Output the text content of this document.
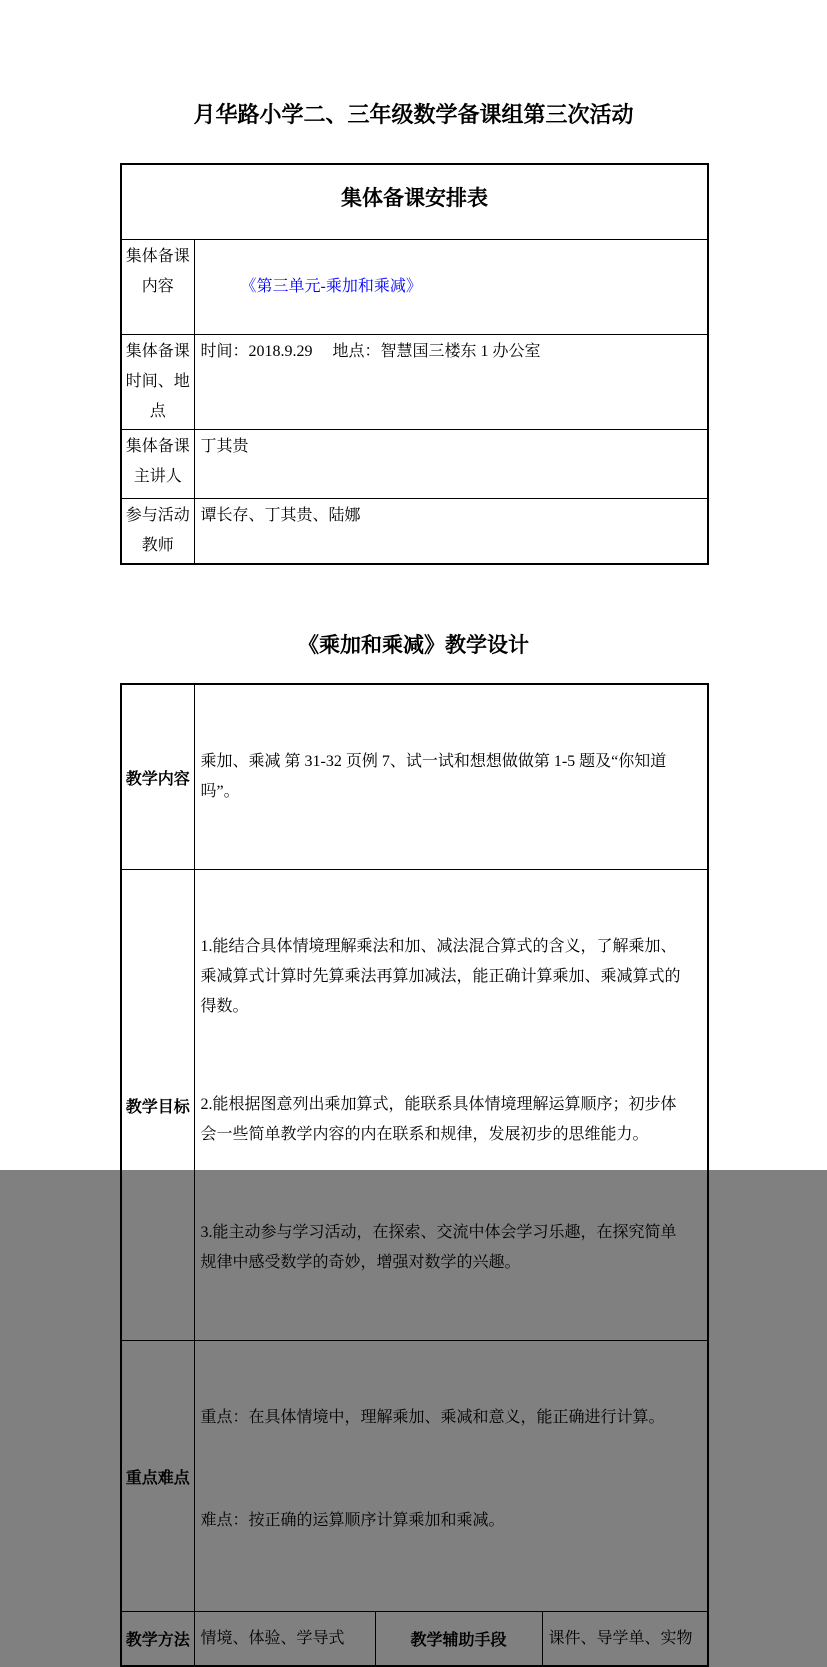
月华路小学二、三年级数学备课组第三次活动
集体备课安排表	
集体备课内容	《第三单元-乘加和乘减》

集体备课时间、地点	时间：2018.9.29　 地点：智慧国三楼东 1 办公室
集体备课主讲人	丁其贵
参与活动教师	谭长存、丁其贵、陆娜
《乘加和乘减》教学设计
教学内容	乘加、乘减 第 31-32 页例 7、试一试和想想做做第 1-5 题及“你知道吗”。		

教学目标	1.能结合具体情境理解乘法和加、减法混合算式的含义，了解乘加、乘减算式计算时先算乘法再算加减法，能正确计算乘加、乘减算式的得数。

2.能根据图意列出乘加算式，能联系具体情境理解运算顺序；初步体会一些简单教学内容的内在联系和规律，发展初步的思维能力。

3.能主动参与学习活动，在探索、交流中体会学习乐趣，在探究简单规律中感受数学的奇妙，增强对数学的兴趣。		

重点难点	重点：在具体情境中，理解乘加、乘减和意义，能正确进行计算。

难点：按正确的运算顺序计算乘加和乘减。		

教学方法	情境、体验、学导式	教学辅助手段	课件、导学单、实物
